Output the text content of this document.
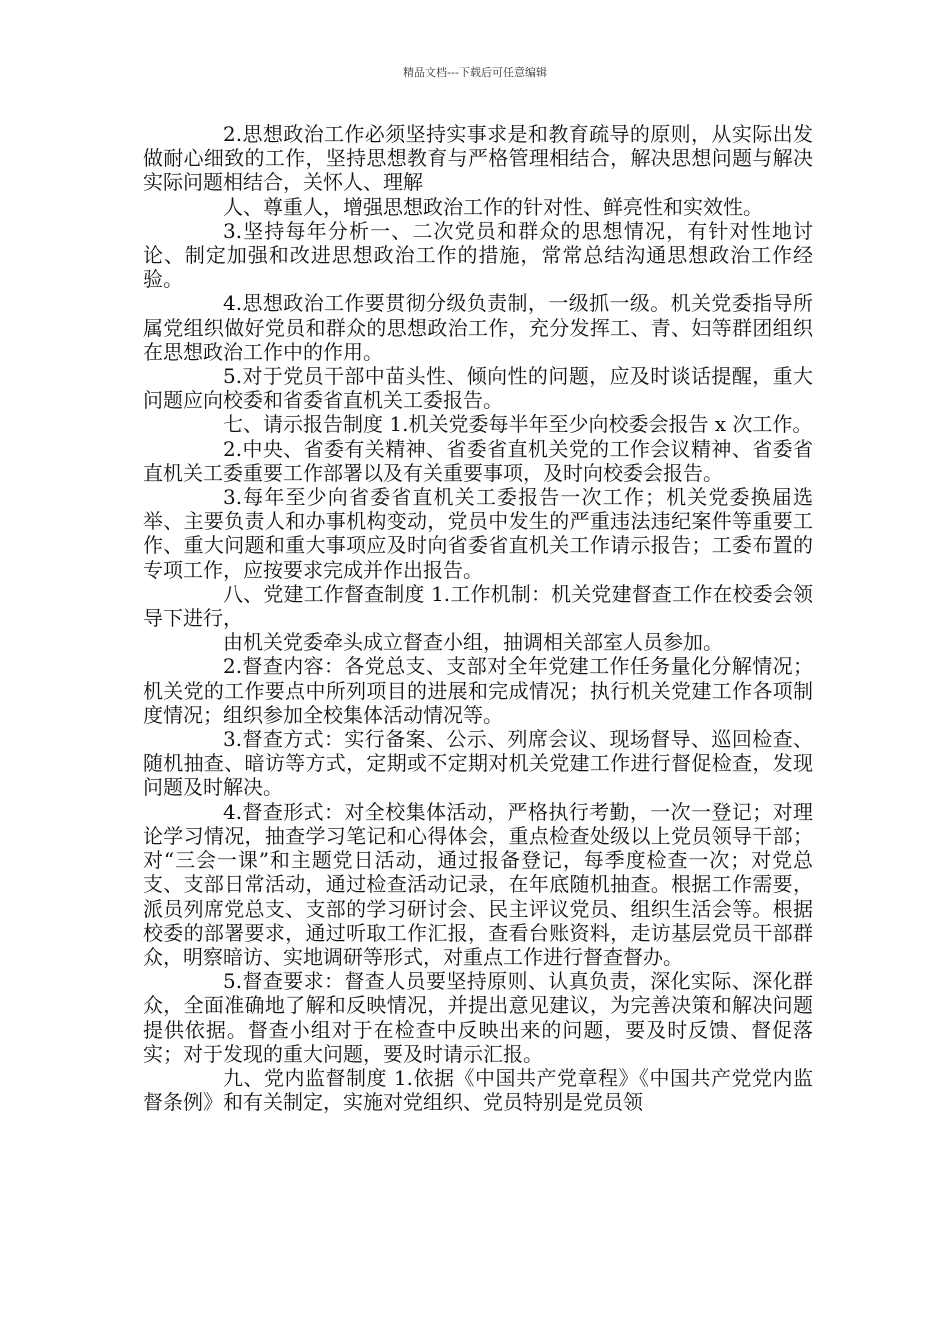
精品文档---下载后可任意编辑

2.思想政治工作必须坚持实事求是和教育疏导的原则，从实际出发做耐心细致的工作，坚持思想教育与严格管理相结合，解决思想问题与解决实际问题相结合，关怀人、理解

人、尊重人，增强思想政治工作的针对性、鲜亮性和实效性。

3.坚持每年分析一、二次党员和群众的思想情况，有针对性地讨论、制定加强和改进思想政治工作的措施，常常总结沟通思想政治工作经验。

4.思想政治工作要贯彻分级负责制，一级抓一级。机关党委指导所属党组织做好党员和群众的思想政治工作，充分发挥工、青、妇等群团组织在思想政治工作中的作用。

5.对于党员干部中苗头性、倾向性的问题，应及时谈话提醒，重大问题应向校委和省委省直机关工委报告。

七、请示报告制度 1.机关党委每半年至少向校委会报告 x 次工作。

2.中央、省委有关精神、省委省直机关党的工作会议精神、省委省直机关工委重要工作部署以及有关重要事项，及时向校委会报告。

3.每年至少向省委省直机关工委报告一次工作；机关党委换届选举、主要负责人和办事机构变动，党员中发生的严重违法违纪案件等重要工作、重大问题和重大事项应及时向省委省直机关工作请示报告；工委布置的专项工作，应按要求完成并作出报告。

八、党建工作督查制度 1.工作机制：机关党建督查工作在校委会领导下进行，

由机关党委牵头成立督查小组，抽调相关部室人员参加。

2.督查内容：各党总支、支部对全年党建工作任务量化分解情况；机关党的工作要点中所列项目的进展和完成情况；执行机关党建工作各项制度情况；组织参加全校集体活动情况等。

3.督查方式：实行备案、公示、列席会议、现场督导、巡回检查、随机抽查、暗访等方式，定期或不定期对机关党建工作进行督促检查，发现问题及时解决。

4.督查形式：对全校集体活动，严格执行考勤，一次一登记；对理论学习情况，抽查学习笔记和心得体会，重点检查处级以上党员领导干部；对“三会一课”和主题党日活动，通过报备登记，每季度检查一次；对党总支、支部日常活动，通过检查活动记录，在年底随机抽查。根据工作需要，派员列席党总支、支部的学习研讨会、民主评议党员、组织生活会等。根据校委的部署要求，通过听取工作汇报，查看台账资料，走访基层党员干部群众，明察暗访、实地调研等形式，对重点工作进行督查督办。

5.督查要求：督查人员要坚持原则、认真负责，深化实际、深化群众，全面准确地了解和反映情况，并提出意见建议，为完善决策和解决问题提供依据。督查小组对于在检查中反映出来的问题，要及时反馈、督促落实；对于发现的重大问题，要及时请示汇报。

九、党内监督制度 1.依据《中国共产党章程》《中国共产党党内监督条例》和有关制定，实施对党组织、党员特别是党员领
